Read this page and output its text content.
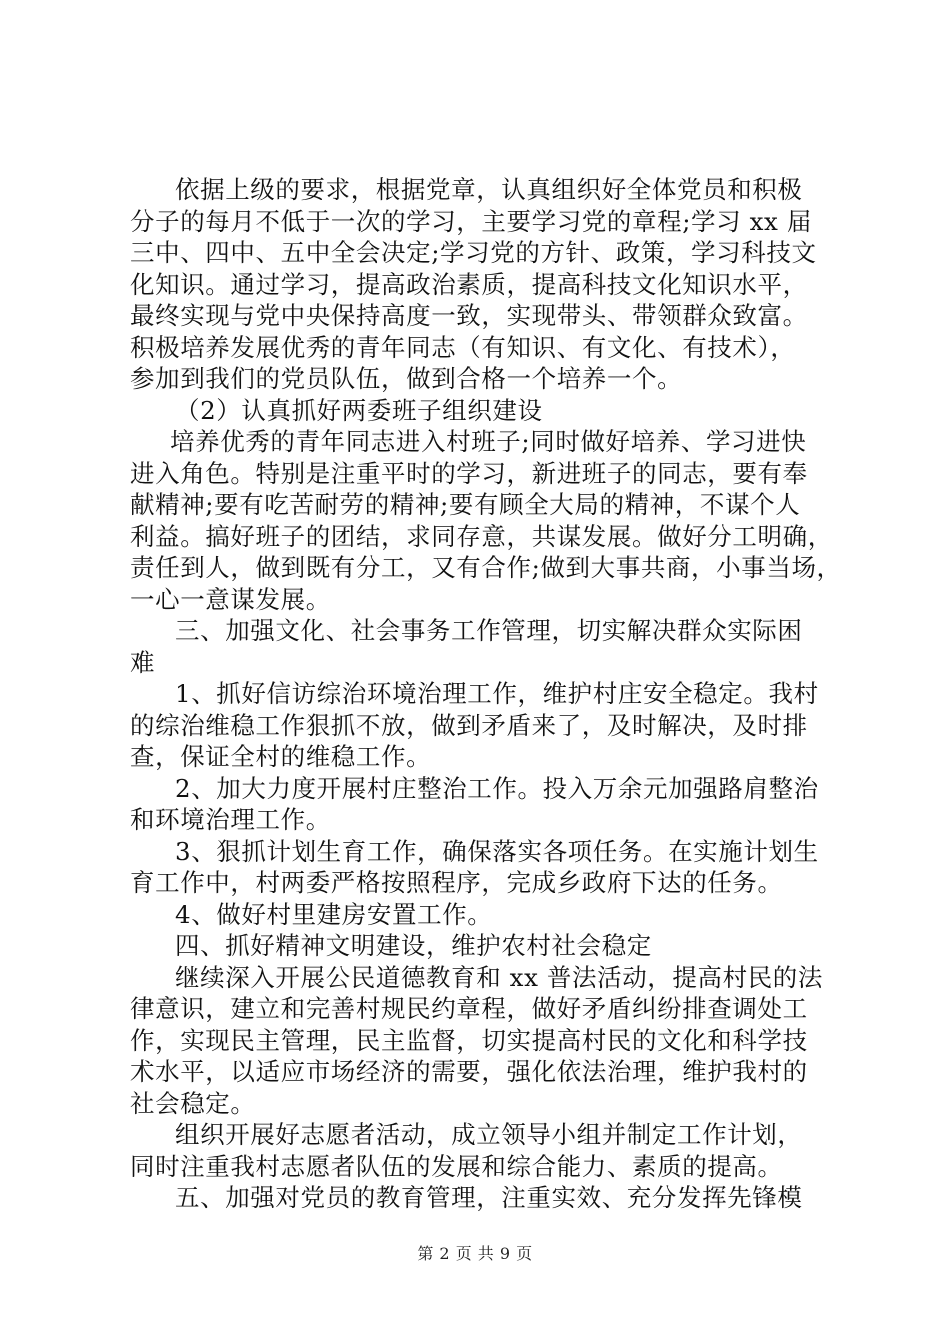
依据上级的要求，根据党章，认真组织好全体党员和积极
分子的每月不低于一次的学习，主要学习党的章程;学习 xx 届
三中、四中、五中全会决定;学习党的方针、政策，学习科技文
化知识。通过学习，提高政治素质，提高科技文化知识水平，
最终实现与党中央保持高度一致，实现带头、带领群众致富。
积极培养发展优秀的青年同志（有知识、有文化、有技术），
参加到我们的党员队伍，做到合格一个培养一个。
（2）认真抓好两委班子组织建设
培养优秀的青年同志进入村班子;同时做好培养、学习进快
进入角色。特别是注重平时的学习，新进班子的同志，要有奉
献精神;要有吃苦耐劳的精神;要有顾全大局的精神，不谋个人
利益。搞好班子的团结，求同存意，共谋发展。做好分工明确，
责任到人，做到既有分工，又有合作;做到大事共商，小事当场，
一心一意谋发展。
三、加强文化、社会事务工作管理，切实解决群众实际困
难
1、抓好信访综治环境治理工作，维护村庄安全稳定。我村
的综治维稳工作狠抓不放，做到矛盾来了，及时解决，及时排
查，保证全村的维稳工作。
2、加大力度开展村庄整治工作。投入万余元加强路肩整治
和环境治理工作。
3、狠抓计划生育工作，确保落实各项任务。在实施计划生
育工作中，村两委严格按照程序，完成乡政府下达的任务。
4、做好村里建房安置工作。
四、抓好精神文明建设，维护农村社会稳定
继续深入开展公民道德教育和 xx 普法活动，提高村民的法
律意识，建立和完善村规民约章程，做好矛盾纠纷排查调处工
作，实现民主管理，民主监督，切实提高村民的文化和科学技
术水平，以适应市场经济的需要，强化依法治理，维护我村的
社会稳定。
组织开展好志愿者活动，成立领导小组并制定工作计划，
同时注重我村志愿者队伍的发展和综合能力、素质的提高。
五、加强对党员的教育管理，注重实效、充分发挥先锋模
第 2 页 共 9 页
